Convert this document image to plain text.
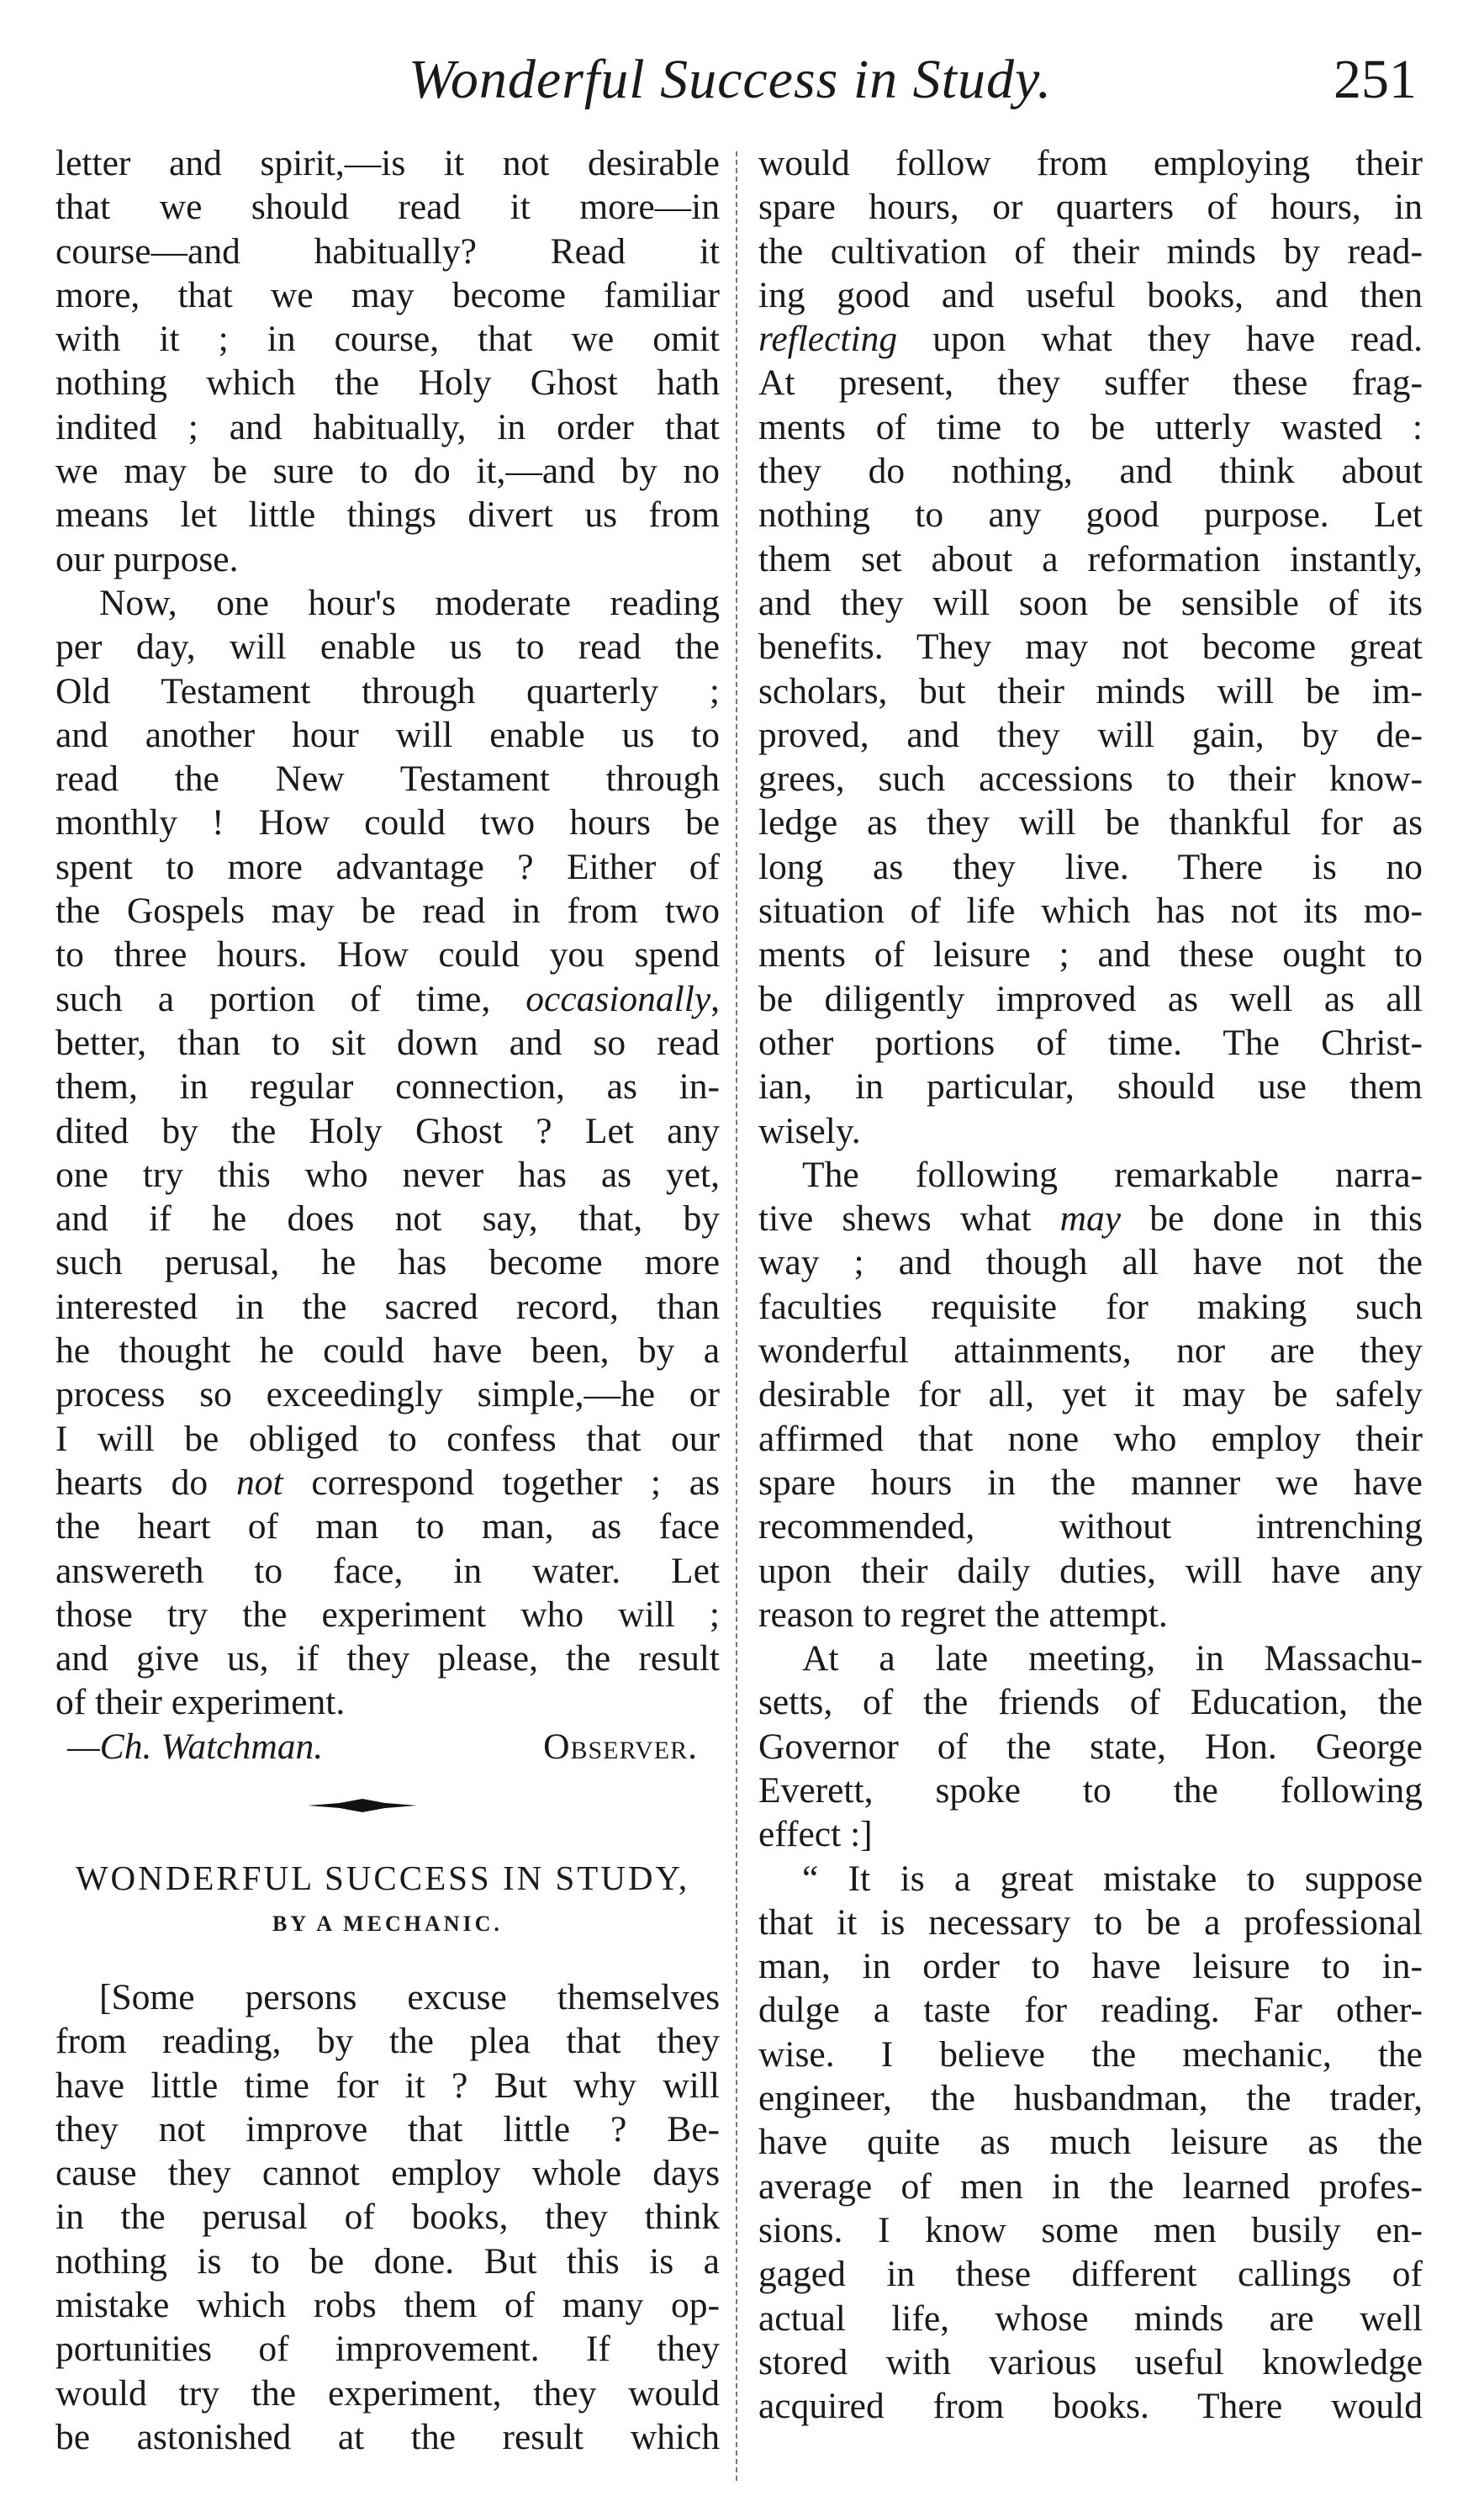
Wonderful Success in Study.	251
letter and spirit,—is it not desirable
that we should read it more—in
course—and habitually? Read it
more, that we may become familiar
with it ; in course, that we omit
nothing which the Holy Ghost hath
indited ; and habitually, in order that
we may be sure to do it,—and by no
means let little things divert us from
our purpose.
Now, one hour's moderate reading
per day, will enable us to read the
Old Testament through quarterly ;
and another hour will enable us to
read the New Testament through
monthly ! How could two hours be
spent to more advantage ? Either of
the Gospels may be read in from two
to three hours. How could you spend
such a portion of time, occasionally,
better, than to sit down and so read
them, in regular connection, as in-
dited by the Holy Ghost ? Let any
one try this who never has as yet,
and if he does not say, that, by
such perusal, he has become more
interested in the sacred record, than
he thought he could have been, by a
process so exceedingly simple,—he or
I will be obliged to confess that our
hearts do not correspond together ; as
the heart of man to man, as face
answereth to face, in water. Let
those try the experiment who will ;
and give us, if they please, the result
of their experiment.
—Ch. Watchman.	Observer.
WONDERFUL SUCCESS IN STUDY,
BY A MECHANIC.
[Some persons excuse themselves
from reading, by the plea that they
have little time for it ? But why will
they not improve that little ? Be-
cause they cannot employ whole days
in the perusal of books, they think
nothing is to be done. But this is a
mistake which robs them of many op-
portunities of improvement. If they
would try the experiment, they would
be astonished at the result which
would follow from employing their
spare hours, or quarters of hours, in
the cultivation of their minds by read-
ing good and useful books, and then
reflecting upon what they have read.
At present, they suffer these frag-
ments of time to be utterly wasted :
they do nothing, and think about
nothing to any good purpose. Let
them set about a reformation instantly,
and they will soon be sensible of its
benefits. They may not become great
scholars, but their minds will be im-
proved, and they will gain, by de-
grees, such accessions to their know-
ledge as they will be thankful for as
long as they live. There is no
situation of life which has not its mo-
ments of leisure ; and these ought to
be diligently improved as well as all
other portions of time. The Christ-
ian, in particular, should use them
wisely.
The following remarkable narra-
tive shews what may be done in this
way ; and though all have not the
faculties requisite for making such
wonderful attainments, nor are they
desirable for all, yet it may be safely
affirmed that none who employ their
spare hours in the manner we have
recommended, without intrenching
upon their daily duties, will have any
reason to regret the attempt.
At a late meeting, in Massachu-
setts, of the friends of Education, the
Governor of the state, Hon. George
Everett, spoke to the following
effect :]
“ It is a great mistake to suppose
that it is necessary to be a professional
man, in order to have leisure to in-
dulge a taste for reading. Far other-
wise. I believe the mechanic, the
engineer, the husbandman, the trader,
have quite as much leisure as the
average of men in the learned profes-
sions. I know some men busily en-
gaged in these different callings of
actual life, whose minds are well
stored with various useful knowledge
acquired from books. There would
